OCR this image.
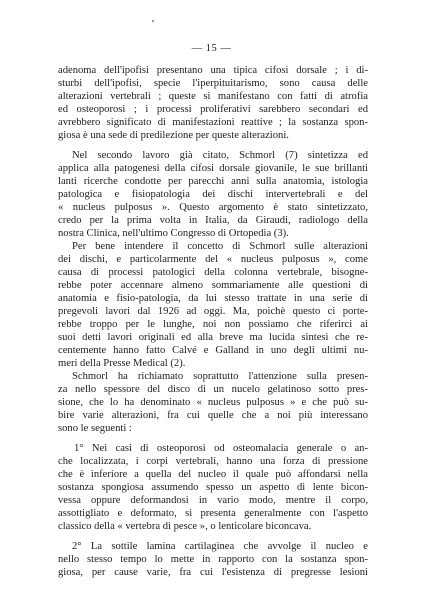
— 15 —
adenoma dell'ipofisi presentano una tipica cifosi dorsale ; i di-
sturbi dell'ipofisi, specie l'iperpituitarismo, sono causa delle
alterazioni vertebrali ; queste si manifestano con fatti di atrofia
ed osteoporosi ; i processi proliferativi sarebbero secondari ed
avrebbero significato di manifestazioni reattive ; la sostanza spon-
giosa è una sede di predilezione per queste alterazioni.
Nel secondo lavoro già citato, Schmorl (7) sintetizza ed
applica alla patogenesi della cifosi dorsale giovanile, le sue brillanti
lanti ricerche condotte per parecchi anni sulla anatomia, istologia
patologica e fisiopatologia dei dischi intervertebrali e del
« nucleus pulposus ». Questo argomento è stato sintetizzato,
credo per la prima volta in Italia, da Giraudi, radiologo della
nostra Clinica, nell'ultimo Congresso di Ortopedia (3).
Per bene intendere il concetto di Schmorl sulle alterazioni
dei dischi, e particolarmente del « nucleus pulposus », come
causa di processi patologici della colonna vertebrale, bisogne-
rebbe poter accennare almeno sommariamente alle questioni di
anatomia e fisio-patologia, da lui stesso trattate in una serie di
pregevoli lavori dal 1926 ad oggi. Ma, poichè questo ci porte-
rebbe troppo per le lunghe, noi non possiamo che riferirci ai
suoi detti lavori originali ed alla breve ma lucida sintesi che re-
centemente hanno fatto Calvé e Galland in uno degli ultimi nu-
meri della Presse Medical (2).
Schmorl ha richiamato soprattutto l'attenzione sulla presen-
za nello spessore del disco di un nucelo gelatinoso sotto pres-
sione, che lo ha denominato « nucleus pulposus » e che può su-
bire varie alterazioni, fra cui quelle che a noi più interessano
sono le seguenti :
1° Nei casi di osteoporosi od osteomalacia generale o an-
che localizzata, i corpi vertebrali, hanno una forza di pressione
che è inferiore a quella del nucleo il quale può affondarsi nella
sostanza spongiosa assumendo spesso un aspetto di lente bicon-
vessa oppure deformandosi in vario modo, mentre il corpo,
assottigliato e deformato, si presenta generalmente con l'aspetto
classico della « vertebra di pesce », o lenticolare biconcava.
2° La sottile lamina cartilaginea che avvolge il nucleo e
nello stesso tempo lo mette in rapporto con la sostanza spon-
giosa, per cause varie, fra cui l'esistenza di pregresse lesioni
